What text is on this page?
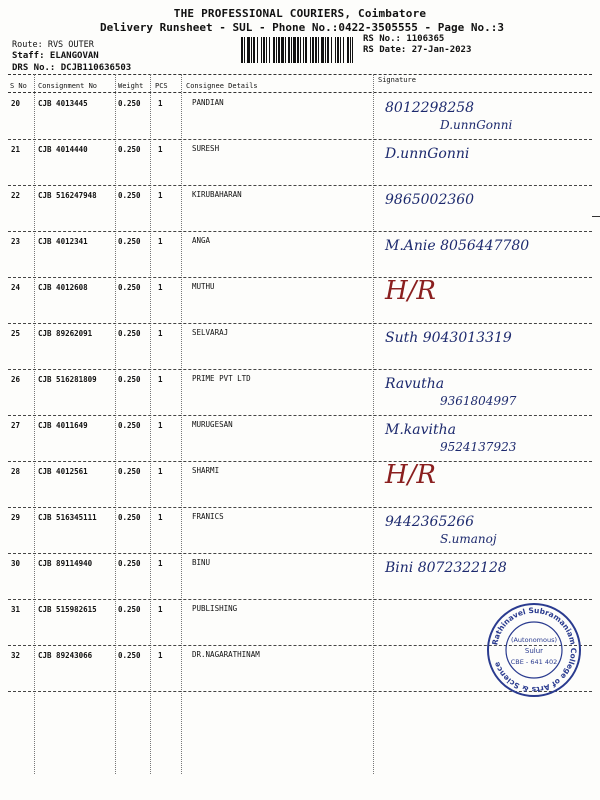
THE PROFESSIONAL COURIERS, Coimbatore
Delivery Runsheet - SUL - Phone No.:0422-3505555 - Page No.:3
Route: RVS OUTER
Staff: ELANGOVAN
DRS No.: DCJB110636503
RS No.: 1106365
RS Date: 27-Jan-2023
S No Consignment No	Weight PCS	Consignee Details
Signature
20 CJB 4013445	0.250 1	PANDIAN	8012298258
D.unnGonni
21 CJB 4014440	0.250 1	SURESH	D.unnGonni
22 CJB 516247948	0.250 1	KIRUBAHARAN	9865002360
23 CJB 4012341	0.250 1	ANGA	M.Anie 8056447780
24 CJB 4012608	0.250 1	MUTHU	H/R
25 CJB 89262091	0.250 1	SELVARAJ	Suth 9043013319
26 CJB 516281809	0.250 1	PRIME PVT LTD	Ravutha
9361804997
27 CJB 4011649	0.250 1	MURUGESAN	M.kavitha
9524137923
28 CJB 4012561	0.250 1	SHARMI	H/R
29 CJB 516345111	0.250 1	FRANICS	9442365266
S.umanoj
30 CJB 89114940	0.250 1	BINU	Bini 8072322128
31 CJB 515982615	0.250 1	PUBLISHING
32 CJB 89243066	0.250 1	DR.NAGARATHINAM
Rathinavel Subramaniam College of Arts & Science
(Autonomous)
Sulur
CBE - 641 402
